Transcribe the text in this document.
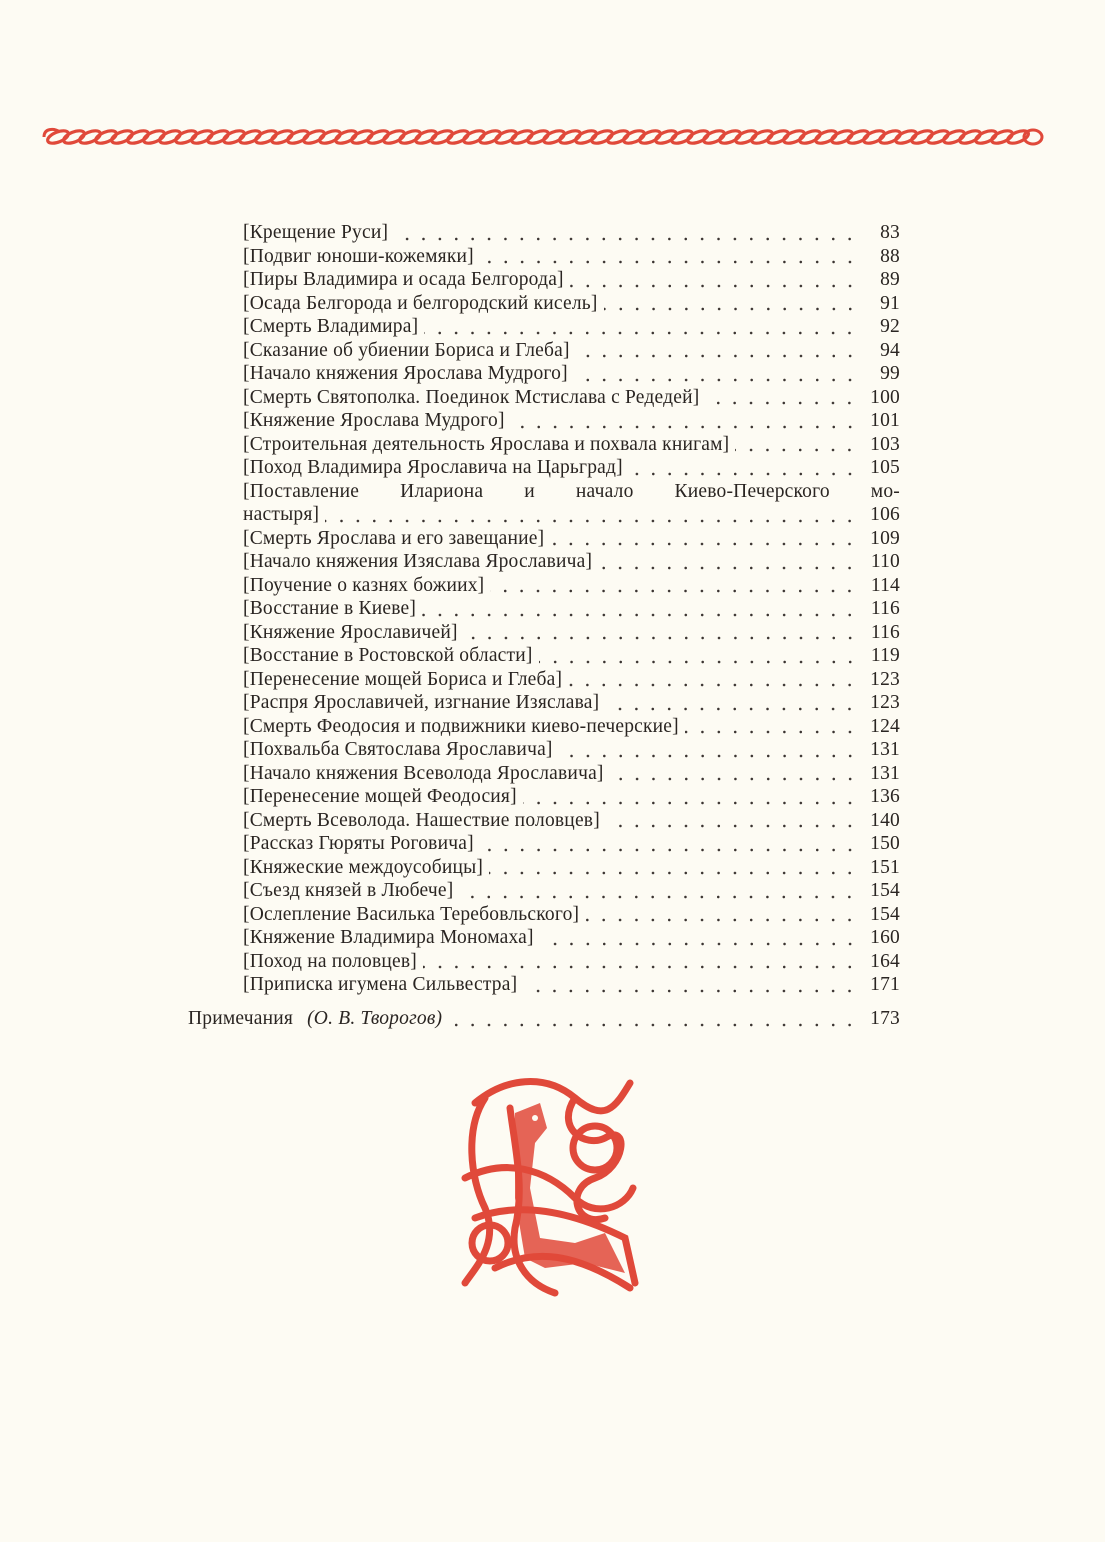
[Крещение Руси]	83
[Подвиг юноши-кожемяки]	88
[Пиры Владимира и осада Белгорода]	89
[Осада Белгорода и белгородский кисель]	91
[Смерть Владимира]	92
[Сказание об убиении Бориса и Глеба]	94
[Начало княжения Ярослава Мудрого]	99
[Смерть Святополка. Поединок Мстислава с Редедей]	100
[Княжение Ярослава Мудрого]	101
[Строительная деятельность Ярослава и похвала книгам]	103
[Поход Владимира Ярославича на Царьград]	105
[Поставление Илариона и начало Киево-Печерского мо-
настыря]	106
[Смерть Ярослава и его завещание]	109
[Начало княжения Изяслава Ярославича]	110
[Поучение о казнях божиих]	114
[Восстание в Киеве]	116
[Княжение Ярославичей]	116
[Восстание в Ростовской области]	119
[Перенесение мощей Бориса и Глеба]	123
[Распря Ярославичей, изгнание Изяслава]	123
[Смерть Феодосия и подвижники киево-печерские]	124
[Похвальба Святослава Ярославича]	131
[Начало княжения Всеволода Ярославича]	131
[Перенесение мощей Феодосия]	136
[Смерть Всеволода. Нашествие половцев]	140
[Рассказ Гюряты Роговича]	150
[Княжеские междоусобицы]	151
[Съезд князей в Любече]	154
[Ослепление Василька Теребовльского]	154
[Княжение Владимира Мономаха]	160
[Поход на половцев]	164
[Приписка игумена Сильвестра]	171
Примечания (О. В. Творогов)	173
